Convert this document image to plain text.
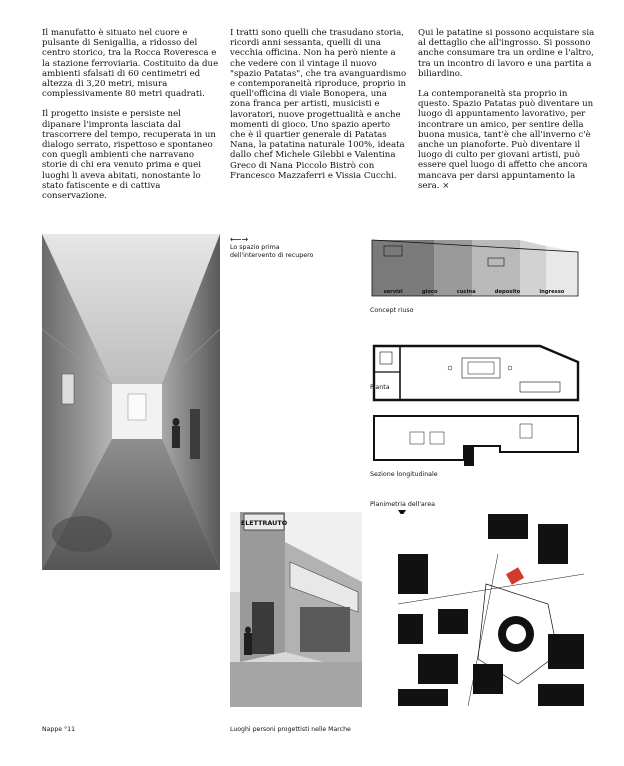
Il manufatto è situato nel cuore e pulsante di Senigallia, a ridosso del centro storico, tra la Rocca Roveresca e la stazione ferroviaria. Costituito da due ambienti sfalsati di 60 centimetri ed altezza di 3,20 metri, misura complessivamente 80 metri quadrati.

Il progetto insiste e persiste nel dipanare l'impronta lasciata dal trascorrere del tempo, recuperata in un dialogo serrato, rispettoso e spontaneo con quegli ambienti che narravano storie di chi era venuto prima e quei luoghi li aveva abitati, nonostante lo stato fatiscente e di cattiva conservazione.

I tratti sono quelli che trasudano storia, ricordi anni sessanta, quelli di una vecchia officina. Non ha però niente a che vedere con il vintage il nuovo "spazio Patatas", che tra avanguardismo e contemporaneità riproduce, proprio in quell'officina di viale Bonopera, una zona franca per artisti, musicisti e lavoratori, nuove progettualità e anche momenti di gioco. Uno spazio aperto che è il quartier generale di Patatas Nana, la patatina naturale 100%, ideata dallo chef Michele Gilebbi e Valentina Greco di Nana Piccolo Bistrò con Francesco Mazzaferri e Vissia Cucchi.

Qui le patatine si possono acquistare sia al dettaglio che all'ingrosso. Si possono anche consumare tra un ordine e l'altro, tra un incontro di lavoro e una partita a biliardino.

La contemporaneità sta proprio in questo. Spazio Patatas può diventare un luogo di appuntamento lavorativo, per incontrare un amico, per sentire della buona musica, tant'è che all'inverno c'è anche un pianoforte. Può diventare il luogo di culto per giovani artisti, può essere quel luogo di affetto che ancora mancava per darsi appuntamento la sera. ×

⟵→
Lo spazio prima dell'intervento di recupero
ELETTRAUTO
servizi	gioco	cucina	deposito	ingresso
Concept riuso
Pianta
Sezione longitudinale
Planimetria dell'area
Nappe °11	Luoghi personi progettisti nelle Marche
